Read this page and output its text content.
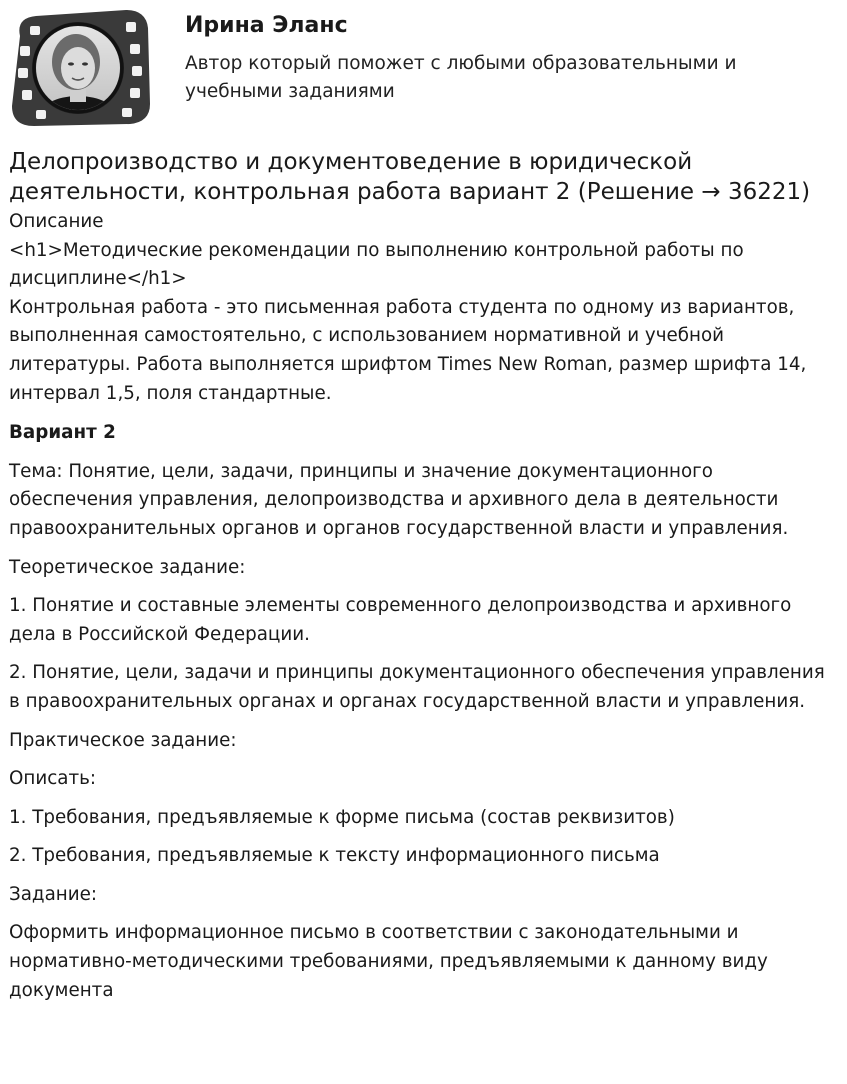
Ирина Эланс
Автор который поможет с любыми образовательными и учебными заданиями
Делопроизводство и документоведение в юридической деятельности, контрольная работа вариант 2 (Решение → 36221)
Описание
<h1>Методические рекомендации по выполнению контрольной работы по дисциплине</h1>
Контрольная работа - это письменная работа студента по одному из вариантов, выполненная самостоятельно, с использованием нормативной и учебной литературы. Работа выполняется шрифтом Times New Roman, размер шрифта 14, интервал 1,5, поля стандартные.

Вариант 2

Тема: Понятие, цели, задачи, принципы и значение документационного обеспечения управления, делопроизводства и архивного дела в деятельности правоохранительных органов и органов государственной власти и управления.

Теоретическое задание:

1. Понятие и составные элементы современного делопроизводства и архивного дела в Российской Федерации.

2. Понятие, цели, задачи и принципы документационного обеспечения управления в правоохранительных органах и органах государственной власти и управления.

Практическое задание:

Описать:

1. Требования, предъявляемые к форме письма (состав реквизитов)

2. Требования, предъявляемые к тексту информационного письма

Задание:

Оформить информационное письмо в соответствии с законодательными и нормативно-методическими требованиями, предъявляемыми к данному виду документа
